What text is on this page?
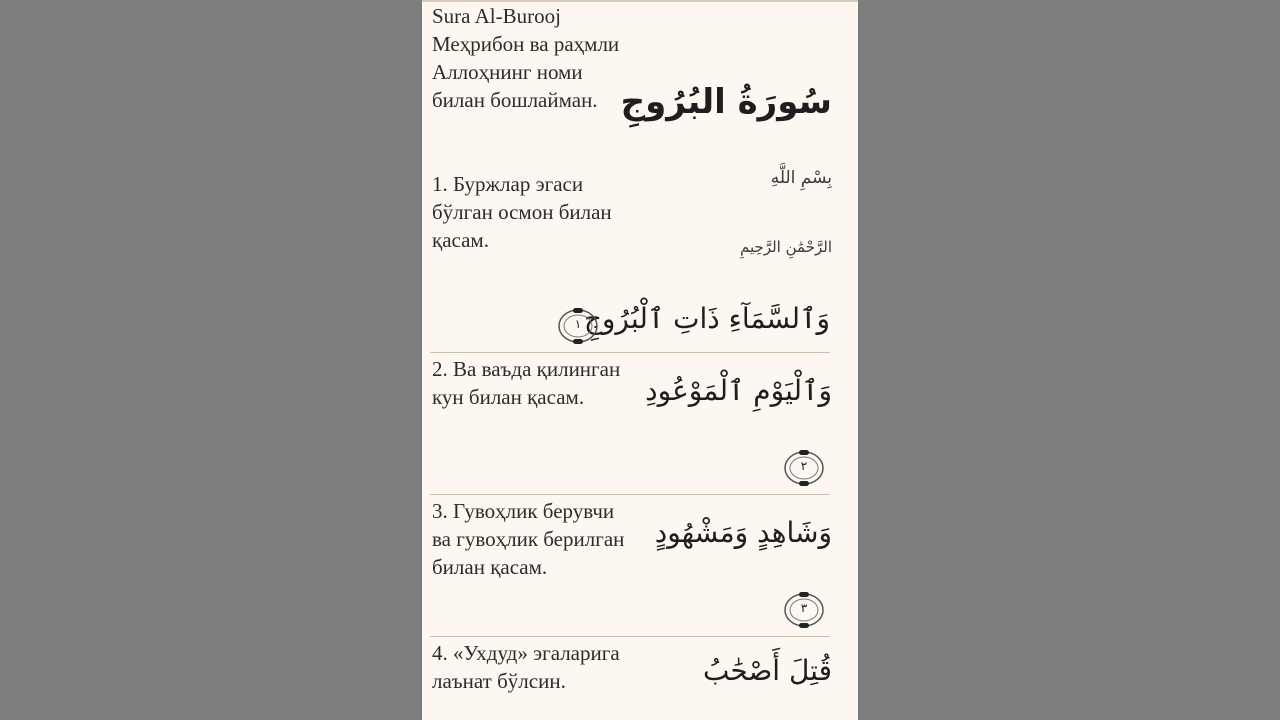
Sura Al-Burooj

Меҳрибон ва раҳмли Аллоҳнинг номи билан бошлайман.

1. Буржлар эгаси бўлган осмон билан қасам.

سُورَةُ البُرُوجِ
بِسْمِ اللَّهِ
الرَّحْمَٰنِ الرَّحِيمِ
وَٱلسَّمَآءِ ذَاتِ ٱلْبُرُوجِ
١

2. Ва ваъда қилинган кун билан қасам.	وَٱلْيَوْمِ ٱلْمَوْعُودِ
٢

3. Гувоҳлик берувчи ва гувоҳлик берилган билан қасам.

وَشَاهِدٍ وَمَشْهُودٍ
٣

4. «Ухдуд» эгаларига лаънат бўлсин.	قُتِلَ أَصْحَٰبُ
